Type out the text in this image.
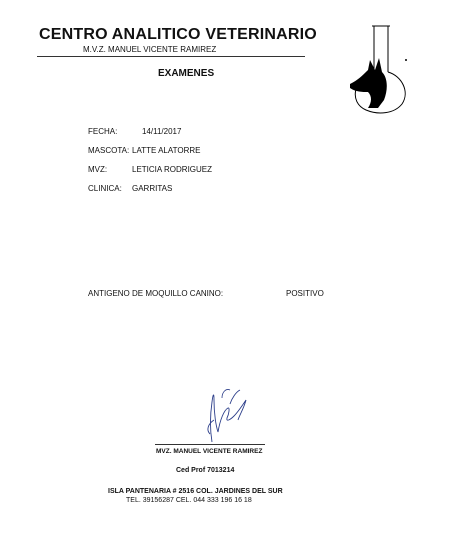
CENTRO ANALITICO VETERINARIO
M.V.Z. MANUEL VICENTE RAMIREZ
EXAMENES
FECHA:	14/11/2017
MASCOTA: LATTE ALATORRE
MVZ:	LETICIA RODRIGUEZ
CLINICA: GARRITAS
ANTIGENO DE MOQUILLO CANINO:	POSITIVO
MVZ. MANUEL VICENTE RAMIREZ
Ced Prof 7013214
ISLA PANTENARIA # 2516 COL. JARDINES DEL SUR
TEL. 39156287 CEL. 044 333 196 16 18
